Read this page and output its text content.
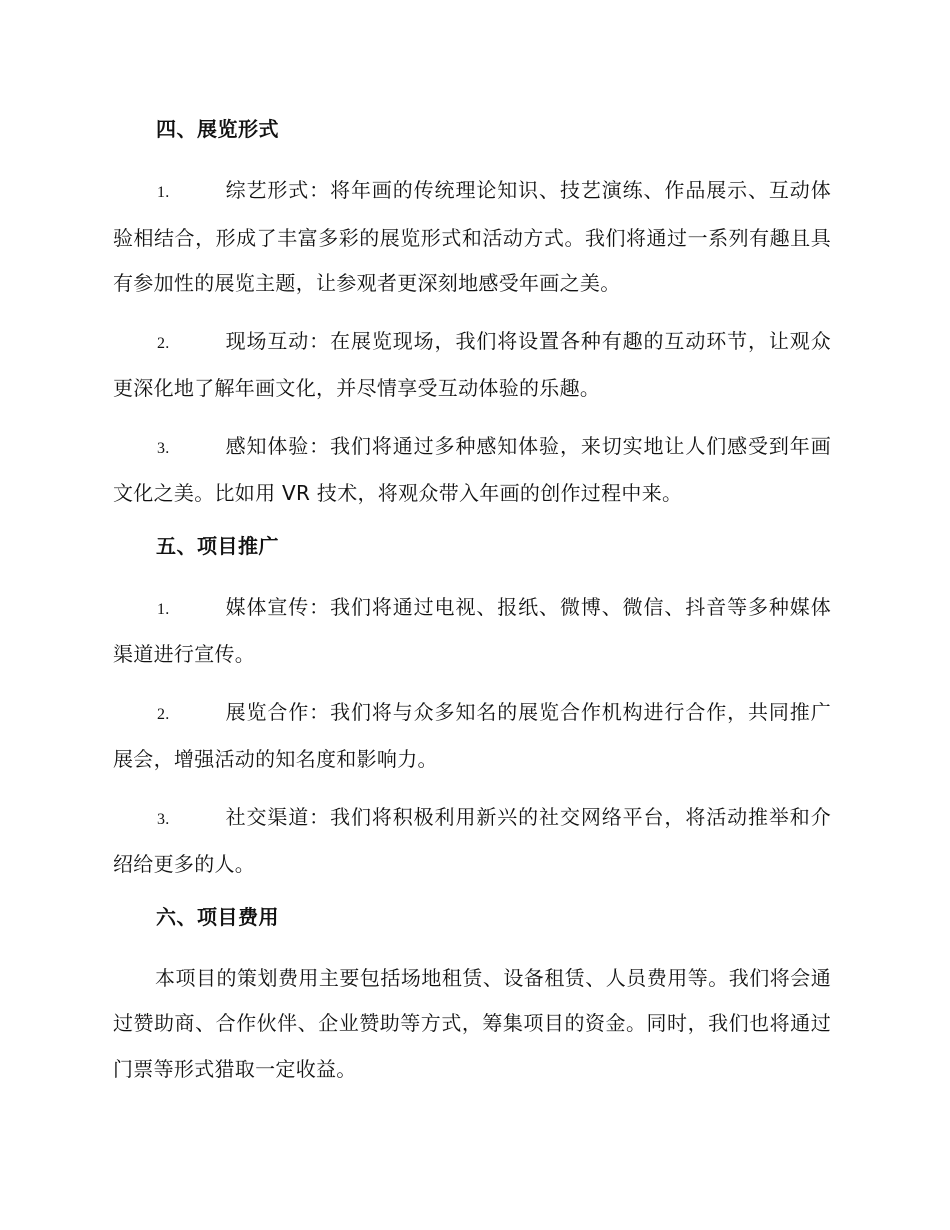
四、展览形式
1.	综艺形式：将年画的传统理论知识、技艺演练、作品展示、互动体验相结合，形成了丰富多彩的展览形式和活动方式。我们将通过一系列有趣且具有参加性的展览主题，让参观者更深刻地感受年画之美。
2.	现场互动：在展览现场，我们将设置各种有趣的互动环节，让观众更深化地了解年画文化，并尽情享受互动体验的乐趣。
3.	感知体验：我们将通过多种感知体验，来切实地让人们感受到年画文化之美。比如用 VR 技术，将观众带入年画的创作过程中来。
五、项目推广
1.	媒体宣传：我们将通过电视、报纸、微博、微信、抖音等多种媒体渠道进行宣传。
2.	展览合作：我们将与众多知名的展览合作机构进行合作，共同推广展会，增强活动的知名度和影响力。
3.	社交渠道：我们将积极利用新兴的社交网络平台，将活动推举和介绍给更多的人。
六、项目费用

本项目的策划费用主要包括场地租赁、设备租赁、人员费用等。我们将会通过赞助商、合作伙伴、企业赞助等方式，筹集项目的资金。同时，我们也将通过门票等形式猎取一定收益。
